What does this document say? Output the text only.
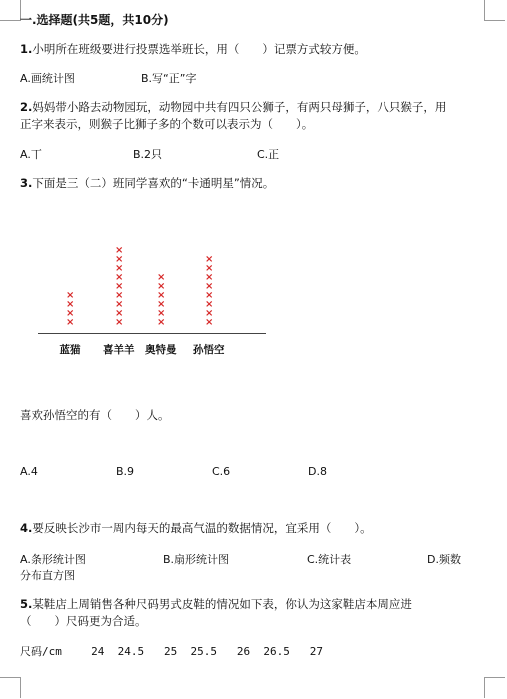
一.选择题(共5题，共10分)
1.小明所在班级要进行投票选举班长，用（　　）记票方式较方便。
A.画统计图	B.写“正”字
2.妈妈带小路去动物园玩，动物园中共有四只公狮子，有两只母狮子，八只猴子，用
正字来表示，则猴子比狮子多的个数可以表示为（　　）。
A.丅	B.2只	C.正
3.下面是三（二）班同学喜欢的“卡通明星”情况。
×
×
×
×
蓝猫
×
×
×
×
×
×
×
×
×
喜羊羊
×
×
×
×
×
×
奥特曼
×
×
×
×
×
×
×
×
孙悟空
喜欢孙悟空的有（　　）人。
A.4	B.9	C.6	D.8
4.要反映长沙市一周内每天的最高气温的数据情况，宜采用（　　）。
A.条形统计图	B.扇形统计图	C.统计表	D.频数
分布直方图
5.某鞋店上周销售各种尺码男式皮鞋的情况如下表，你认为这家鞋店本周应进
（　　）尺码更为合适。
尺码/cm	24 24.5 25 25.5 26 26.5 27
